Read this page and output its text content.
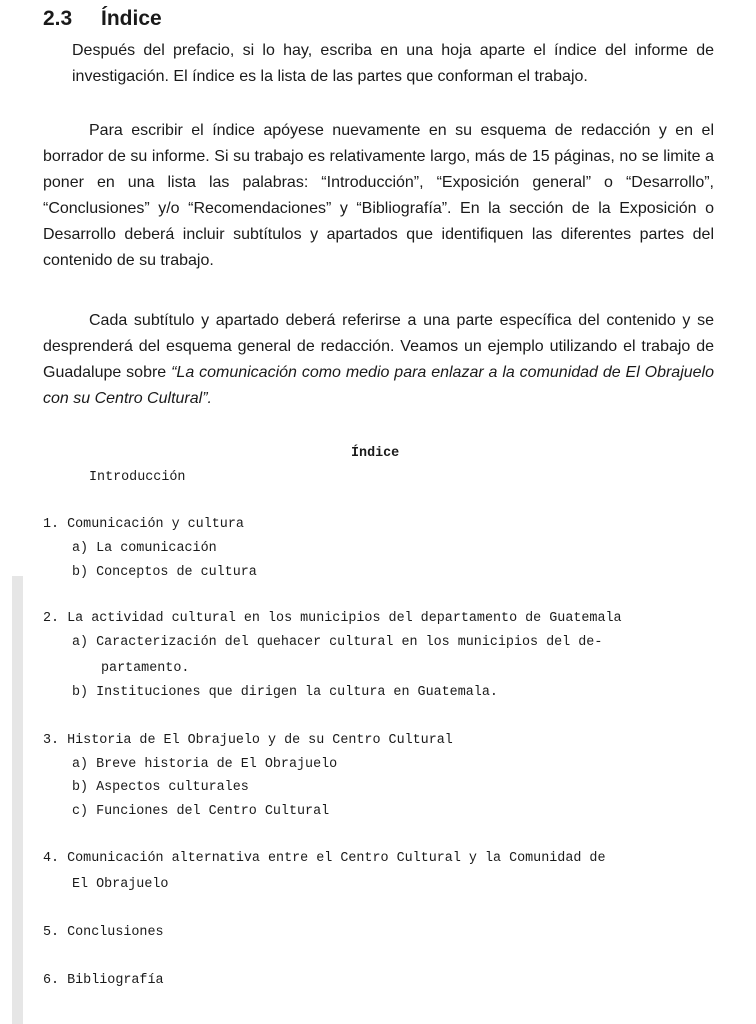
2.3 Índice

Después del prefacio, si lo hay, escriba en una hoja aparte el índice del informe de investigación. El índice es la lista de las partes que conforman el trabajo.

Para escribir el índice apóyese nuevamente en su esquema de redacción y en el borrador de su informe. Si su trabajo es relativamente largo, más de 15 páginas, no se limite a poner en una lista las palabras: “Introducción”, “Exposición general” o “Desarrollo”, “Conclusiones” y/o “Recomendaciones” y “Bibliografía”. En la sección de la Exposición o Desarrollo deberá incluir subtítulos y apartados que identifiquen las diferentes partes del contenido de su trabajo.

Cada subtítulo y apartado deberá referirse a una parte específica del contenido y se desprenderá del esquema general de redacción. Veamos un ejemplo utilizando el trabajo de Guadalupe sobre “La comunicación como medio para enlazar a la comunidad de El Obrajuelo con su Centro Cultural”.

Índice
Introducción
1. Comunicación y cultura
a) La comunicación
b) Conceptos de cultura
2. La actividad cultural en los municipios del departamento de Guatemala
a) Caracterización del quehacer cultural en los municipios del de-
partamento.
b) Instituciones que dirigen la cultura en Guatemala.
3. Historia de El Obrajuelo y de su Centro Cultural
a) Breve historia de El Obrajuelo
b) Aspectos culturales
c) Funciones del Centro Cultural
4. Comunicación alternativa entre el Centro Cultural y la Comunidad de
El Obrajuelo
5. Conclusiones
6. Bibliografía
